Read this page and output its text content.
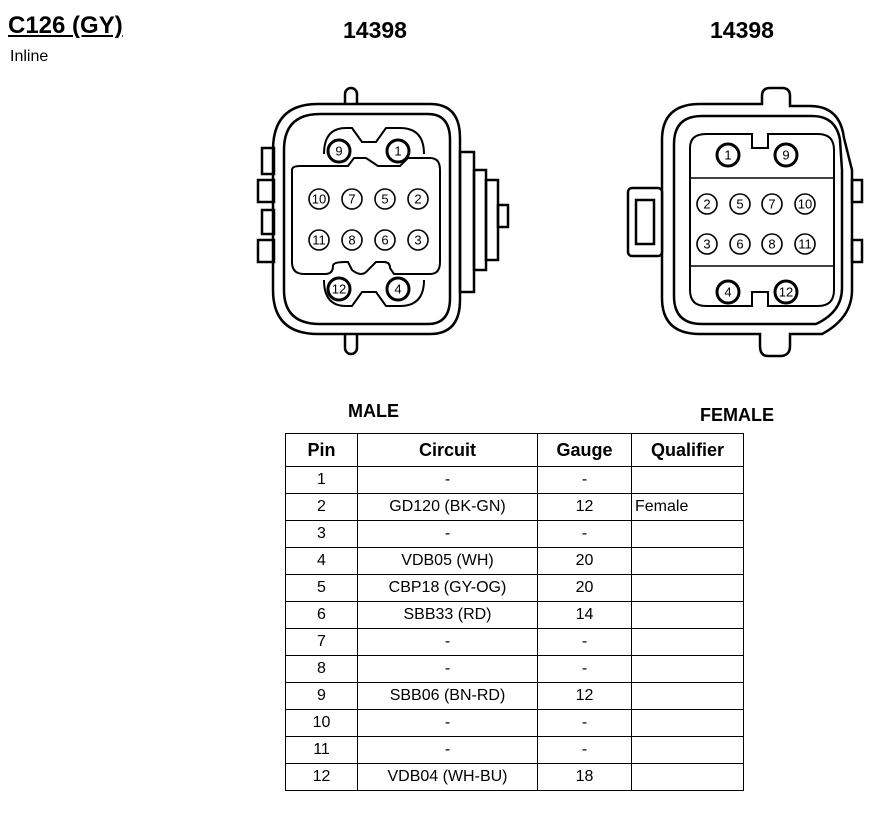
C126 (GY)
Inline
14398	14398
MALE	FEMALE
9	1
10 7 5 2
11 8 6 3
12	4
1	9
2 5 7 10
3 6 8 11
4	12
Pin	Circuit	Gauge	Qualifier
1	-	-	
2	GD120 (BK-GN)	12	Female
3	-	-	
4	VDB05 (WH)	20	
5	CBP18 (GY-OG)	20	
6	SBB33 (RD)	14	
7	-	-	
8	-	-	
9	SBB06 (BN-RD)	12	
10	-	-	
11	-	-	
12	VDB04 (WH-BU)	18	
